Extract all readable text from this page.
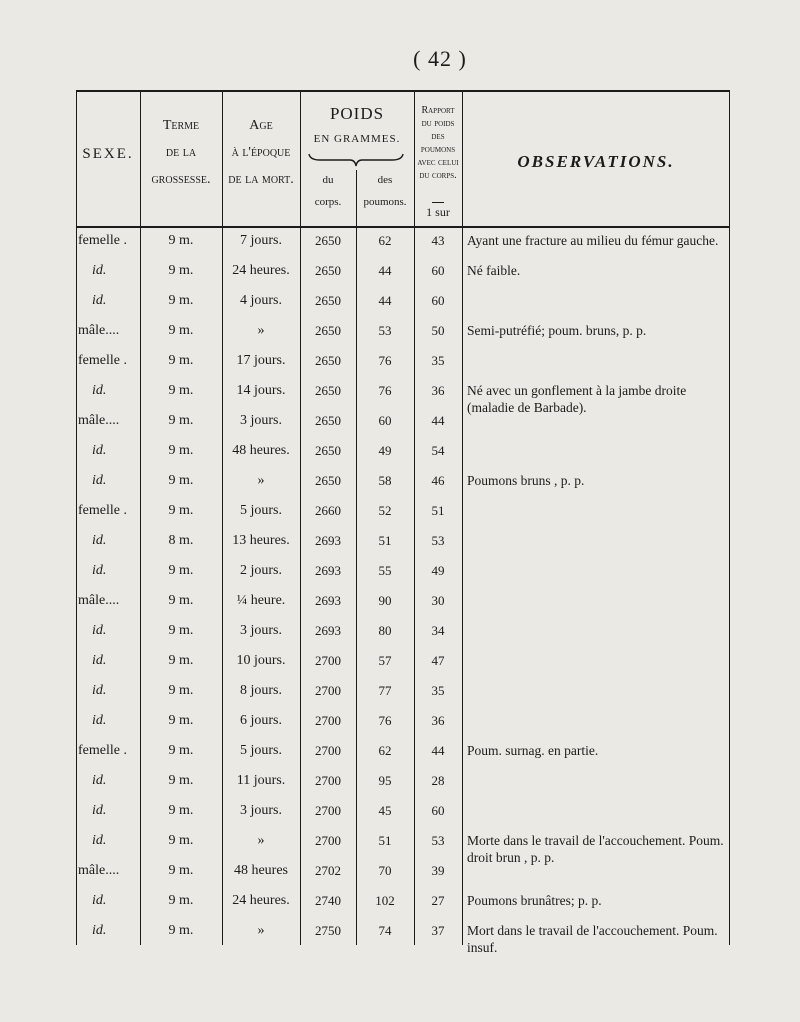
( 42 )
SEXE.
Terme
de la
grossesse.
Age
à l'époque
de la mort.
POIDS
EN GRAMMES.
du
corps.
des
poumons.
Rapport
du poids
des
poumons
avec celui
du corps.
1 sur
OBSERVATIONS.
femelle .	9 m.	7 jours.	2650	62	43	Ayant une fracture au milieu du fémur gauche.
id.	9 m.	24 heures.	2650	44	60	Né faible.
id.	9 m.	4 jours.	2650	44	60
mâle....	9 m.	»	2650	53	50	Semi-putréfié; poum. bruns, p. p.
femelle .	9 m.	17 jours.	2650	76	35
id.	9 m.	14 jours.	2650	76	36	Né avec un gonflement à la jambe droite (maladie de Barbade).
mâle....	9 m.	3 jours.	2650	60	44
id.	9 m.	48 heures.	2650	49	54
id.	9 m.	»	2650	58	46	Poumons bruns , p. p.
femelle .	9 m.	5 jours.	2660	52	51
id.	8 m.	13 heures.	2693	51	53
id.	9 m.	2 jours.	2693	55	49
mâle....	9 m.	¼ heure.	2693	90	30
id.	9 m.	3 jours.	2693	80	34
id.	9 m.	10 jours.	2700	57	47
id.	9 m.	8 jours.	2700	77	35
id.	9 m.	6 jours.	2700	76	36
femelle .	9 m.	5 jours.	2700	62	44	Poum. surnag. en partie.
id.	9 m.	11 jours.	2700	95	28
id.	9 m.	3 jours.	2700	45	60
id.	9 m.	»	2700	51	53	Morte dans le travail de l'accouchement. Poum. droit brun , p. p.
mâle....	9 m.	48 heures	2702	70	39
id.	9 m.	24 heures.	2740	102	27	Poumons brunâtres; p. p.
id.	9 m.	»	2750	74	37	Mort dans le travail de l'accouchement. Poum. insuf.
